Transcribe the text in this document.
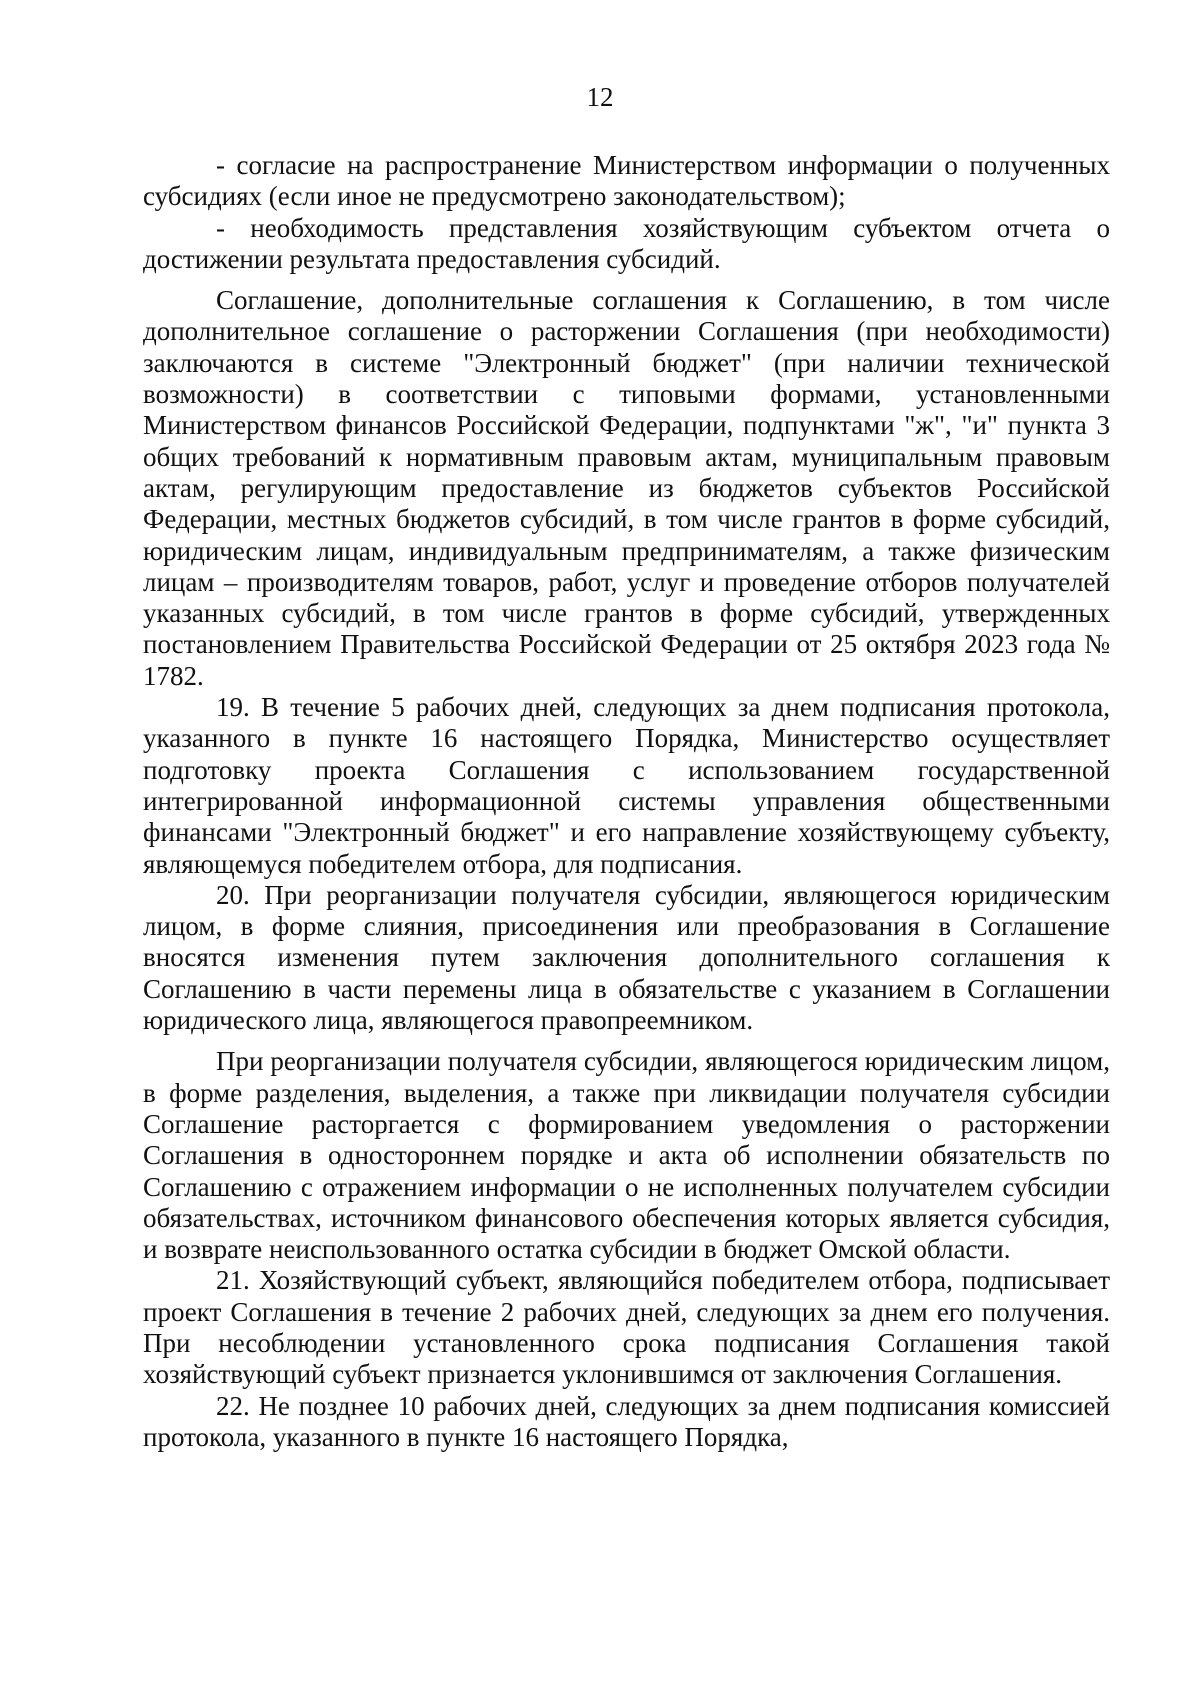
12

- согласие на распространение Министерством информации о полученных субсидиях (если иное не предусмотрено законодательством);

- необходимость представления хозяйствующим субъектом отчета о достижении результата предоставления субсидий.

Соглашение, дополнительные соглашения к Соглашению, в том числе дополнительное соглашение о расторжении Соглашения (при необходимости) заключаются в системе "Электронный бюджет" (при наличии технической возможности) в соответствии с типовыми формами, установленными Министерством финансов Российской Федерации, подпунктами "ж", "и" пункта 3 общих требований к нормативным правовым актам, муниципальным правовым актам, регулирующим предоставление из бюджетов субъектов Российской Федерации, местных бюджетов субсидий, в том числе грантов в форме субсидий, юридическим лицам, индивидуальным предпринимателям, а также физическим лицам – производителям товаров, работ, услуг и проведение отборов получателей указанных субсидий, в том числе грантов в форме субсидий, утвержденных постановлением Правительства Российской Федерации от 25 октября 2023 года № 1782.

19. В течение 5 рабочих дней, следующих за днем подписания протокола, указанного в пункте 16 настоящего Порядка, Министерство осуществляет подготовку проекта Соглашения с использованием государственной интегрированной информационной системы управления общественными финансами "Электронный бюджет" и его направление хозяйствующему субъекту, являющемуся победителем отбора, для подписания.

20. При реорганизации получателя субсидии, являющегося юридическим лицом, в форме слияния, присоединения или преобразования в Соглашение вносятся изменения путем заключения дополнительного соглашения к Соглашению в части перемены лица в обязательстве с указанием в Соглашении юридического лица, являющегося правопреемником.

При реорганизации получателя субсидии, являющегося юридическим лицом, в форме разделения, выделения, а также при ликвидации получателя субсидии Соглашение расторгается с формированием уведомления о расторжении Соглашения в одностороннем порядке и акта об исполнении обязательств по Соглашению с отражением информации о не исполненных получателем субсидии обязательствах, источником финансового обеспечения которых является субсидия, и возврате неиспользованного остатка субсидии в бюджет Омской области.

21. Хозяйствующий субъект, являющийся победителем отбора, подписывает проект Соглашения в течение 2 рабочих дней, следующих за днем его получения. При несоблюдении установленного срока подписания Соглашения такой хозяйствующий субъект признается уклонившимся от заключения Соглашения.

22. Не позднее 10 рабочих дней, следующих за днем подписания комиссией протокола, указанного в пункте 16 настоящего Порядка,
